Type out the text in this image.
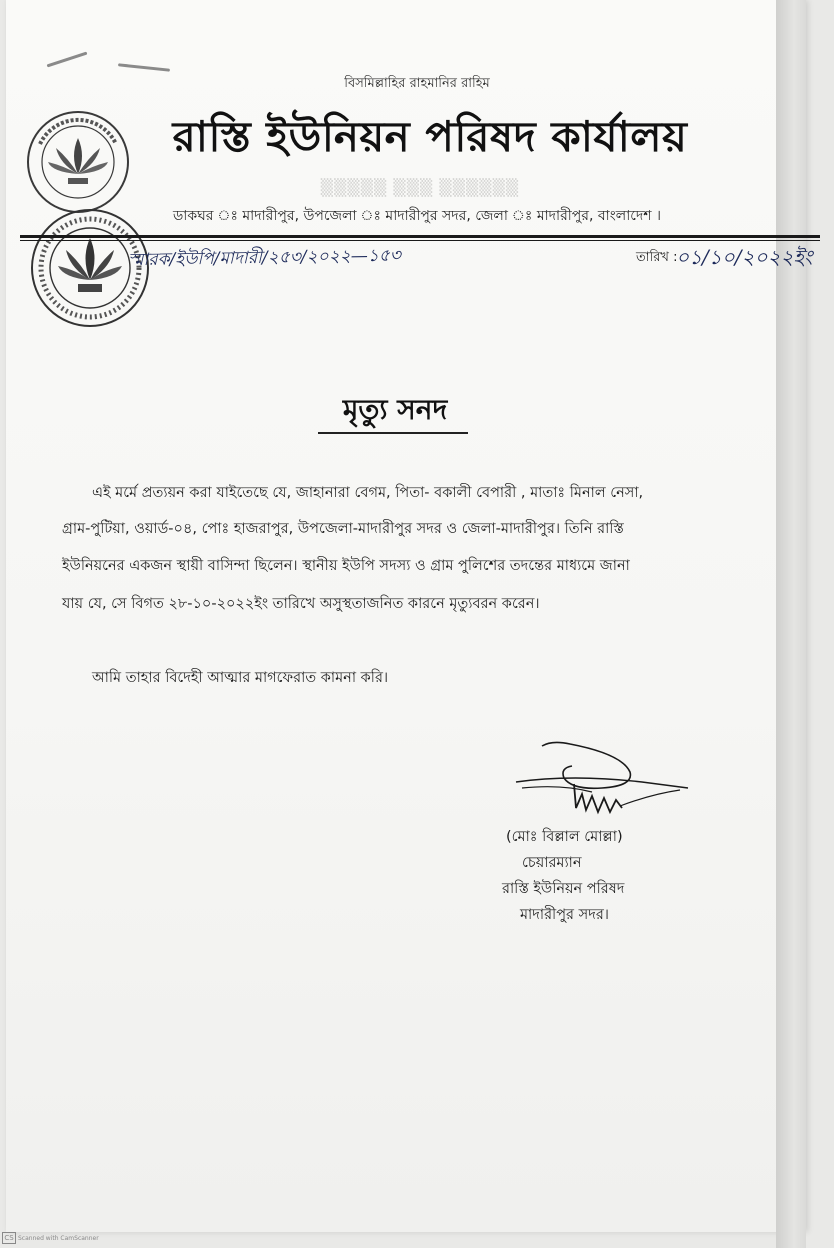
বিসমিল্লাহির রাহমানির রাহিম
রাস্তি ইউনিয়ন পরিষদ কার্যালয়
▒▒▒▒▒ ▒▒▒ ▒▒▒▒▒▒
ডাকঘর ঃ মাদারীপুর, উপজেলা ঃ মাদারীপুর সদর, জেলা ঃ মাদারীপুর, বাংলাদেশ ।
স্মারক/ইউপি/মাদারী/২৫৩/২০২২—১৫৩	তারিখ :
০১/১০/২০২২ইং
মৃত্যু সনদ
এই মর্মে প্রত্যয়ন করা যাইতেছে যে, জাহানারা বেগম, পিতা- বকালী বেপারী , মাতাঃ মিনাল নেসা,
গ্রাম-পুটিয়া, ওয়ার্ড-০৪, পোঃ হাজরাপুর, উপজেলা-মাদারীপুর সদর ও জেলা-মাদারীপুর। তিনি রাস্তি
ইউনিয়নের একজন স্থায়ী বাসিন্দা ছিলেন। স্থানীয় ইউপি সদস্য ও গ্রাম পুলিশের তদন্তের মাধ্যমে জানা
যায় যে, সে বিগত ২৮-১০-২০২২ইং তারিখে অসুস্থতাজনিত কারনে মৃত্যুবরন করেন।
আমি তাহার বিদেহী আত্মার মাগফেরাত কামনা করি।
(মোঃ বিল্লাল মোল্লা)
চেয়ারম্যান
রাস্তি ইউনিয়ন পরিষদ
মাদারীপুর সদর।
CS Scanned with CamScanner
